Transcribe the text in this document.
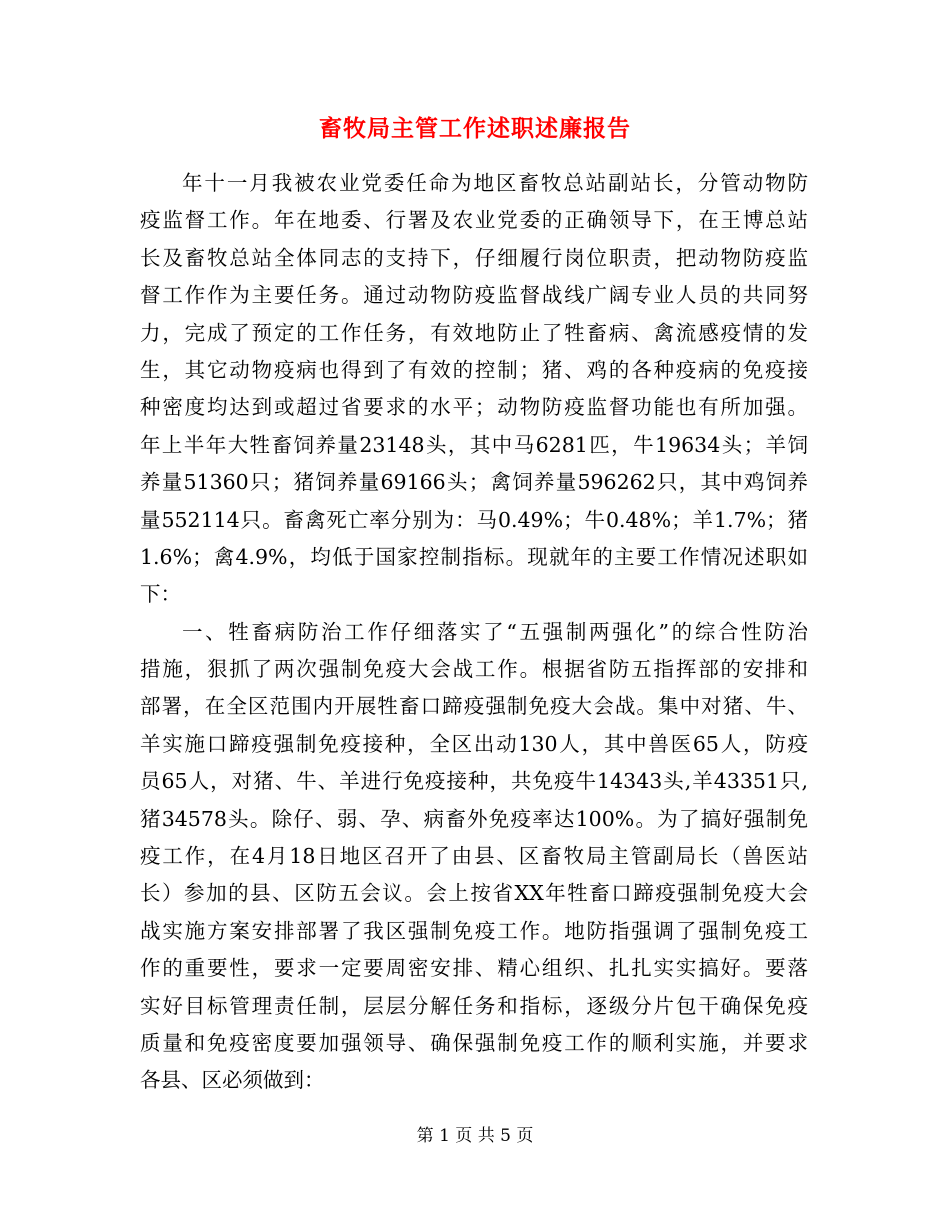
畜牧局主管工作述职述廉报告
年十一月我被农业党委任命为地区畜牧总站副站长，分管动物防
疫监督工作。年在地委、行署及农业党委的正确领导下，在王博总站
长及畜牧总站全体同志的支持下，仔细履行岗位职责，把动物防疫监
督工作作为主要任务。通过动物防疫监督战线广阔专业人员的共同努
力，完成了预定的工作任务，有效地防止了牲畜病、禽流感疫情的发
生，其它动物疫病也得到了有效的控制；猪、鸡的各种疫病的免疫接
种密度均达到或超过省要求的水平；动物防疫监督功能也有所加强。
年上半年大牲畜饲养量23148头，其中马6281匹，牛19634头；羊饲
养量51360只；猪饲养量69166头；禽饲养量596262只，其中鸡饲养
量552114只。畜禽死亡率分别为：马0.49%；牛0.48%；羊1.7%；猪
1.6%；禽4.9%，均低于国家控制指标。现就年的主要工作情况述职如
下：
一、牲畜病防治工作仔细落实了“五强制两强化”的综合性防治
措施，狠抓了两次强制免疫大会战工作。根据省防五指挥部的安排和
部署，在全区范围内开展牲畜口蹄疫强制免疫大会战。集中对猪、牛、
羊实施口蹄疫强制免疫接种，全区出动130人，其中兽医65人，防疫
员65人，对猪、牛、羊进行免疫接种，共免疫牛14343头,羊43351只,
猪34578头。除仔、弱、孕、病畜外免疫率达100%。为了搞好强制免
疫工作，在4月18日地区召开了由县、区畜牧局主管副局长（兽医站
长）参加的县、区防五会议。会上按省XX年牲畜口蹄疫强制免疫大会
战实施方案安排部署了我区强制免疫工作。地防指强调了强制免疫工
作的重要性，要求一定要周密安排、精心组织、扎扎实实搞好。要落
实好目标管理责任制，层层分解任务和指标，逐级分片包干确保免疫
质量和免疫密度要加强领导、确保强制免疫工作的顺利实施，并要求
各县、区必须做到：
第 1 页 共 5 页
